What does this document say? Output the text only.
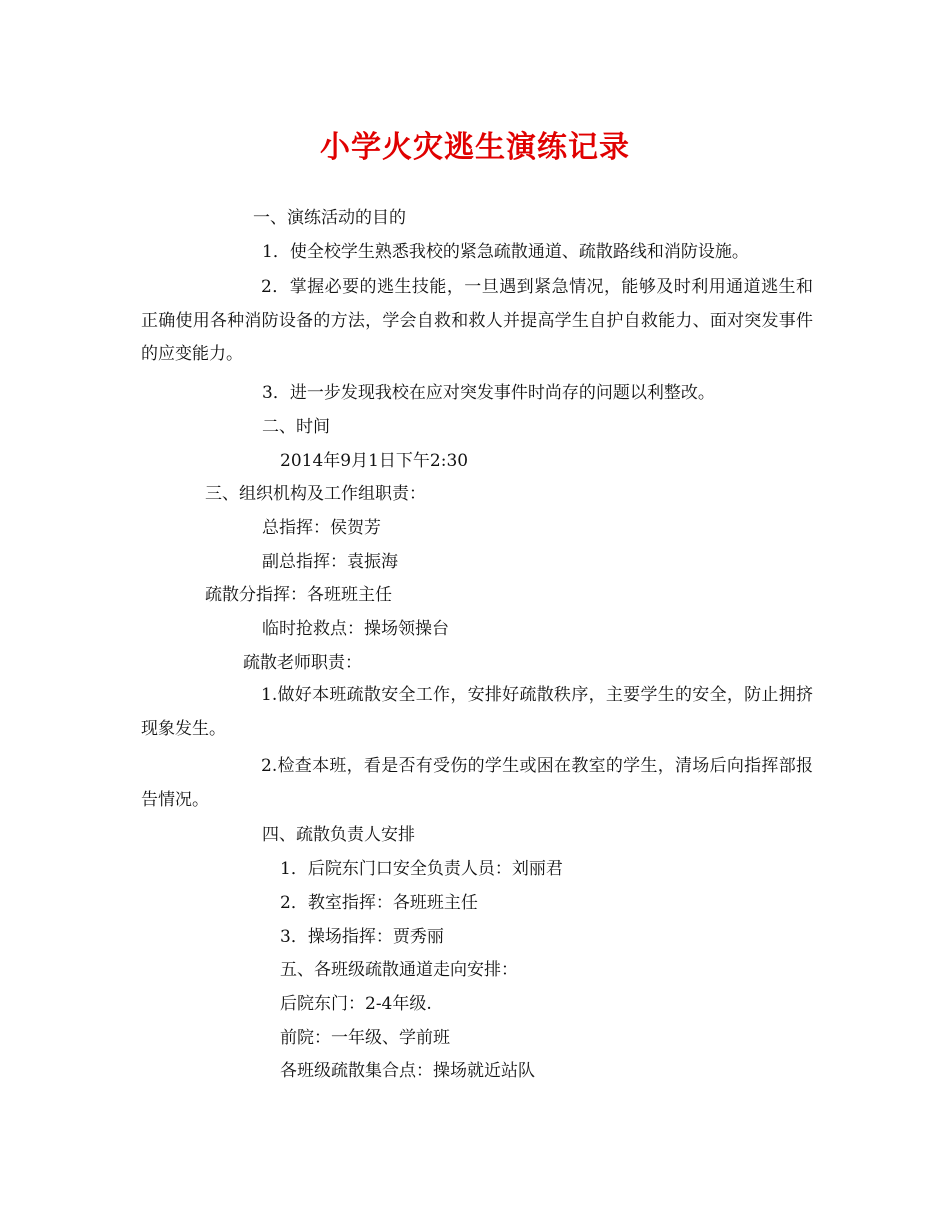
小学火灾逃生演练记录
一、演练活动的目的
1．使全校学生熟悉我校的紧急疏散通道、疏散路线和消防设施。
2．掌握必要的逃生技能，一旦遇到紧急情况，能够及时利用通道逃生和正确使用各种消防设备的方法，学会自救和救人并提高学生自护自救能力、面对突发事件的应变能力。
3．进一步发现我校在应对突发事件时尚存的问题以利整改。
二、时间
2014年9月1日下午2:30
三、组织机构及工作组职责：
总指挥：侯贺芳
副总指挥：袁振海
疏散分指挥：各班班主任
临时抢救点：操场领操台
疏散老师职责：
1.做好本班疏散安全工作，安排好疏散秩序，主要学生的安全，防止拥挤现象发生。
2.检查本班，看是否有受伤的学生或困在教室的学生，清场后向指挥部报告情况。
四、疏散负责人安排
1．后院东门口安全负责人员：刘丽君
2．教室指挥：各班班主任
3．操场指挥：贾秀丽
五、各班级疏散通道走向安排：
后院东门：2-4年级.
前院：一年级、学前班
各班级疏散集合点：操场就近站队
